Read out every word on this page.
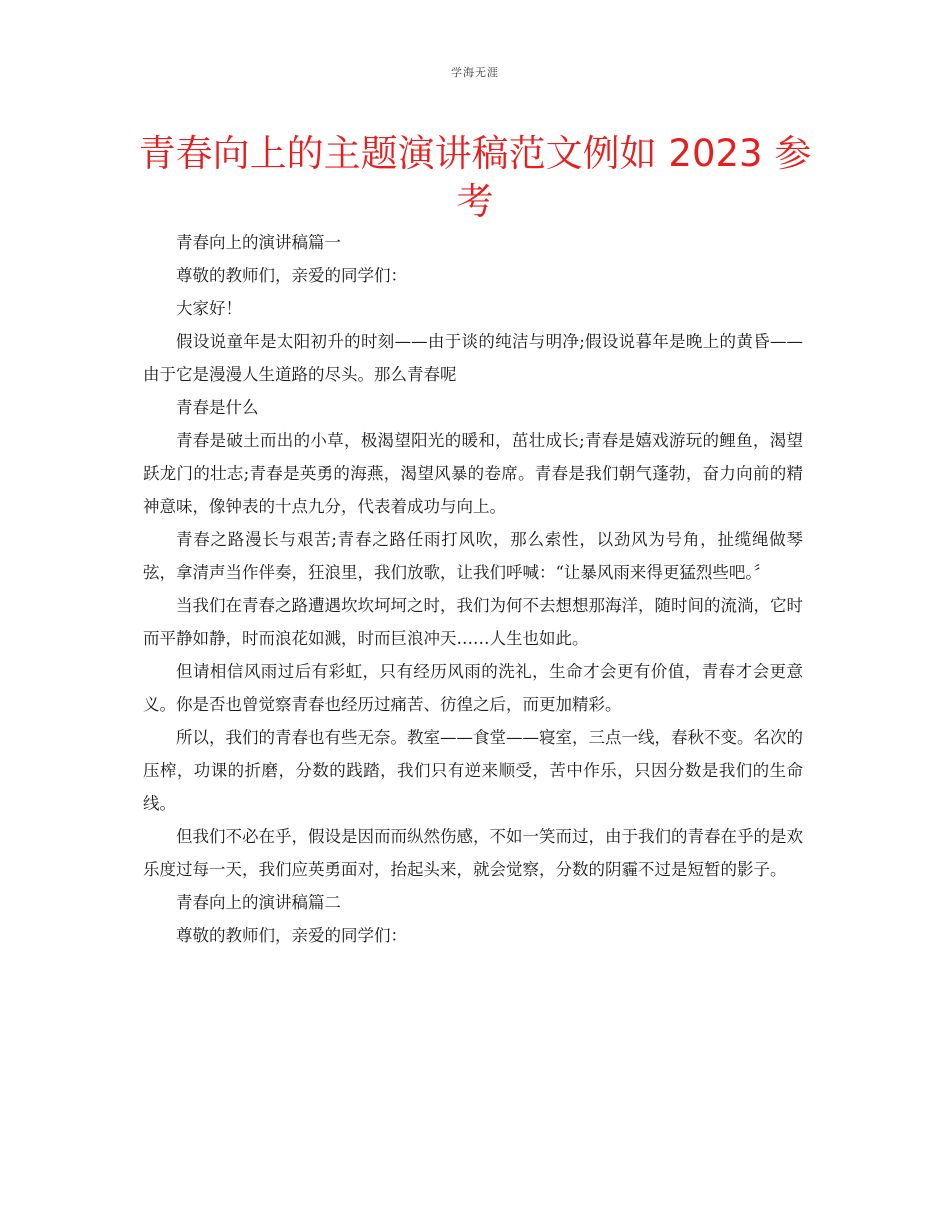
学海无涯
青春向上的主题演讲稿范文例如 2023 参考

青春向上的演讲稿篇一

尊敬的教师们，亲爱的同学们：

大家好！

假设说童年是太阳初升的时刻——由于谈的纯洁与明净;假设说暮年是晚上的黄昏——由于它是漫漫人生道路的尽头。那么青春呢

青春是什么

青春是破土而出的小草，极渴望阳光的暖和，茁壮成长;青春是嬉戏游玩的鲤鱼，渴望跃龙门的壮志;青春是英勇的海燕，渴望风暴的卷席。青春是我们朝气蓬勃，奋力向前的精神意味，像钟表的十点九分，代表着成功与向上。

青春之路漫长与艰苦;青春之路任雨打风吹，那么索性，以劲风为号角，扯缆绳做琴弦，拿清声当作伴奏，狂浪里，我们放歌，让我们呼喊：“让暴风雨来得更猛烈些吧。〞

当我们在青春之路遭遇坎坎坷坷之时，我们为何不去想想那海洋，随时间的流淌，它时而平静如静，时而浪花如溅，时而巨浪冲天……人生也如此。

但请相信风雨过后有彩虹，只有经历风雨的洗礼，生命才会更有价值，青春才会更意义。你是否也曾觉察青春也经历过痛苦、彷徨之后，而更加精彩。

所以，我们的青春也有些无奈。教室——食堂——寝室，三点一线，春秋不变。名次的压榨，功课的折磨，分数的践踏，我们只有逆来顺受，苦中作乐，只因分数是我们的生命线。

但我们不必在乎，假设是因而而纵然伤感，不如一笑而过，由于我们的青春在乎的是欢乐度过每一天，我们应英勇面对，抬起头来，就会觉察，分数的阴霾不过是短暂的影子。

青春向上的演讲稿篇二

尊敬的教师们，亲爱的同学们：
